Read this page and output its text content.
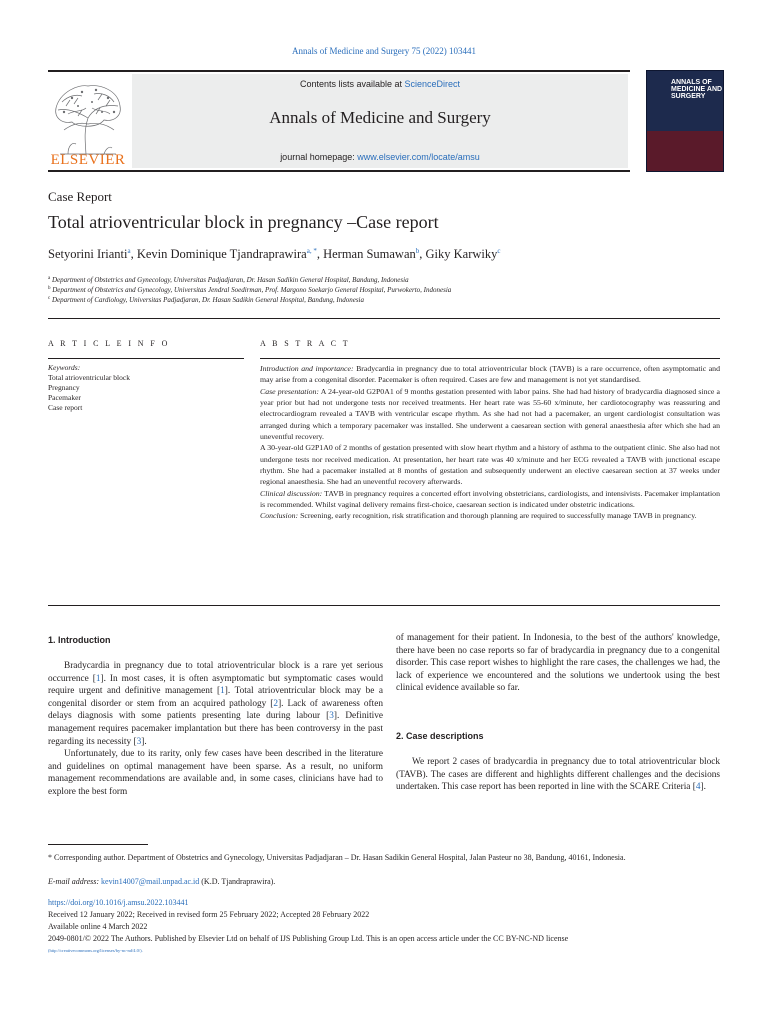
Annals of Medicine and Surgery 75 (2022) 103441
ELSEVIER
Contents lists available at ScienceDirect
Annals of Medicine and Surgery
journal homepage: www.elsevier.com/locate/amsu
ANNALS OF MEDICINE AND SURGERY
Case Report
Total atrioventricular block in pregnancy –Case report
Setyorini Irianti$^a$, Kevin Dominique Tjandraprawira$^{a, *}$, Herman Sumawan$^b$, Giky Karwiky$^c$
$^a$ Department of Obstetrics and Gynecology, Universitas Padjadjaran, Dr. Hasan Sadikin General Hospital, Bandung, Indonesia
$^b$ Department of Obstetrics and Gynecology, Universitas Jendral Soedirman, Prof. Margono Soekarjo General Hospital, Purwokerto, Indonesia
$^c$ Department of Cardiology, Universitas Padjadjaran, Dr. Hasan Sadikin General Hospital, Bandung, Indonesia
A R T I C L E I N F O	A B S T R A C T
Keywords:
Total atrioventricular block
Pregnancy
Pacemaker
Case report
Introduction and importance: Bradycardia in pregnancy due to total atrioventricular block (TAVB) is a rare occurrence, often asymptomatic and may arise from a congenital disorder. Pacemaker is often required. Cases are few and management is not yet standardised.
Case presentation: A 24-year-old G2P0A1 of 9 months gestation presented with labor pains. She had had history of bradycardia diagnosed since a year prior but had not undergone tests nor received treatments. Her heart rate was 55-60 x/minute, her cardiotocography was reassuring and electrocardiogram revealed a TAVB with ventricular escape rhythm. As she had not had a pacemaker, an urgent cardiologist consultation was arranged during which a temporary pacemaker was installed. She underwent a caesarean section with general anaesthesia after which she had an uneventful recovery.
A 30-year-old G2P1A0 of 2 months of gestation presented with slow heart rhythm and a history of asthma to the outpatient clinic. She also had not undergone tests nor received medication. At presentation, her heart rate was 40 x/minute and her ECG revealed a TAVB with junctional escape rhythm. She had a pacemaker installed at 8 months of gestation and subsequently underwent an elective caesarean section at 37 weeks under regional anaesthesia. She had an uneventful recovery afterwards.
Clinical discussion: TAVB in pregnancy requires a concerted effort involving obstetricians, cardiologists, and intensivists. Pacemaker implantation is recommended. Whilst vaginal delivery remains first-choice, caesarean section is indicated under obstetric indications.
Conclusion: Screening, early recognition, risk stratification and thorough planning are required to successfully manage TAVB in pregnancy.
1. Introduction

Bradycardia in pregnancy due to total atrioventricular block is a rare yet serious occurrence [1]. In most cases, it is often asymptomatic but symptomatic cases would require urgent and definitive management [1]. Total atrioventricular block may be a congenital disorder or stem from an acquired pathology [2]. Lack of awareness often delays diagnosis with some patients presenting late during labour [3]. Definitive management requires pacemaker implantation but there has been controversy in the past regarding its necessity [3].

Unfortunately, due to its rarity, only few cases have been described in the literature and guidelines on optimal management have been sparse. As a result, no uniform management recommendations are available and, in some cases, clinicians have had to explore the best form

of management for their patient. In Indonesia, to the best of the authors' knowledge, there have been no case reports so far of bradycardia in pregnancy due to a congenital disorder. This case report wishes to highlight the rare cases, the challenges we had, the lack of experience we encountered and the solutions we undertook using the best clinical evidence available so far.
2. Case descriptions

We report 2 cases of bradycardia in pregnancy due to total atrioventricular block (TAVB). The cases are different and highlights different challenges and the decisions undertaken. This case report has been reported in line with the SCARE Criteria [4].

* Corresponding author. Department of Obstetrics and Gynecology, Universitas Padjadjaran – Dr. Hasan Sadikin General Hospital, Jalan Pasteur no 38, Bandung, 40161, Indonesia.
E-mail address: kevin14007@mail.unpad.ac.id (K.D. Tjandraprawira).
https://doi.org/10.1016/j.amsu.2022.103441
Received 12 January 2022; Received in revised form 25 February 2022; Accepted 28 February 2022
Available online 4 March 2022
2049-0801/© 2022 The Authors. Published by Elsevier Ltd on behalf of IJS Publishing Group Ltd. This is an open access article under the CC BY-NC-ND license
(http://creativecommons.org/licenses/by-nc-nd/4.0/).
